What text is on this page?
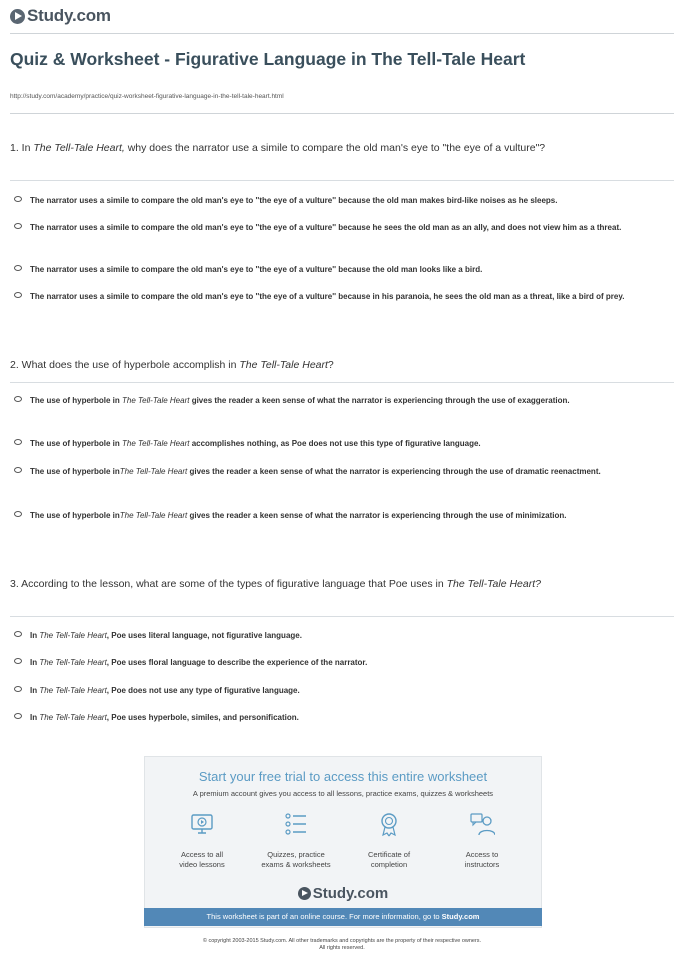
Study.com
Quiz & Worksheet - Figurative Language in The Tell-Tale Heart
http://study.com/academy/practice/quiz-worksheet-figurative-language-in-the-tell-tale-heart.html
1. In The Tell-Tale Heart, why does the narrator use a simile to compare the old man's eye to "the eye of a vulture"?
The narrator uses a simile to compare the old man's eye to ''the eye of a vulture'' because the old man makes bird-like noises as he sleeps.
The narrator uses a simile to compare the old man's eye to ''the eye of a vulture'' because he sees the old man as an ally, and does not view him as a threat.
The narrator uses a simile to compare the old man's eye to ''the eye of a vulture'' because the old man looks like a bird.
The narrator uses a simile to compare the old man's eye to ''the eye of a vulture'' because in his paranoia, he sees the old man as a threat, like a bird of prey.
2. What does the use of hyperbole accomplish in The Tell-Tale Heart?
The use of hyperbole in The Tell-Tale Heart gives the reader a keen sense of what the narrator is experiencing through the use of exaggeration.
The use of hyperbole in The Tell-Tale Heart accomplishes nothing, as Poe does not use this type of figurative language.
The use of hyperbole inThe Tell-Tale Heart gives the reader a keen sense of what the narrator is experiencing through the use of dramatic reenactment.
The use of hyperbole inThe Tell-Tale Heart gives the reader a keen sense of what the narrator is experiencing through the use of minimization.
3. According to the lesson, what are some of the types of figurative language that Poe uses in The Tell-Tale Heart?
In The Tell-Tale Heart, Poe uses literal language, not figurative language.
In The Tell-Tale Heart, Poe uses floral language to describe the experience of the narrator.
In The Tell-Tale Heart, Poe does not use any type of figurative language.
In The Tell-Tale Heart, Poe uses hyperbole, similes, and personification.
Start your free trial to access this entire worksheet
A premium account gives you access to all lessons, practice exams, quizzes & worksheets
Access to all
video lessons
Quizzes, practice
exams & worksheets
Certificate of
completion
Access to
instructors
Study.com
This worksheet is part of an online course. For more information, go to Study.com
© copyright 2003-2015 Study.com. All other trademarks and copyrights are the property of their respective owners.
All rights reserved.
